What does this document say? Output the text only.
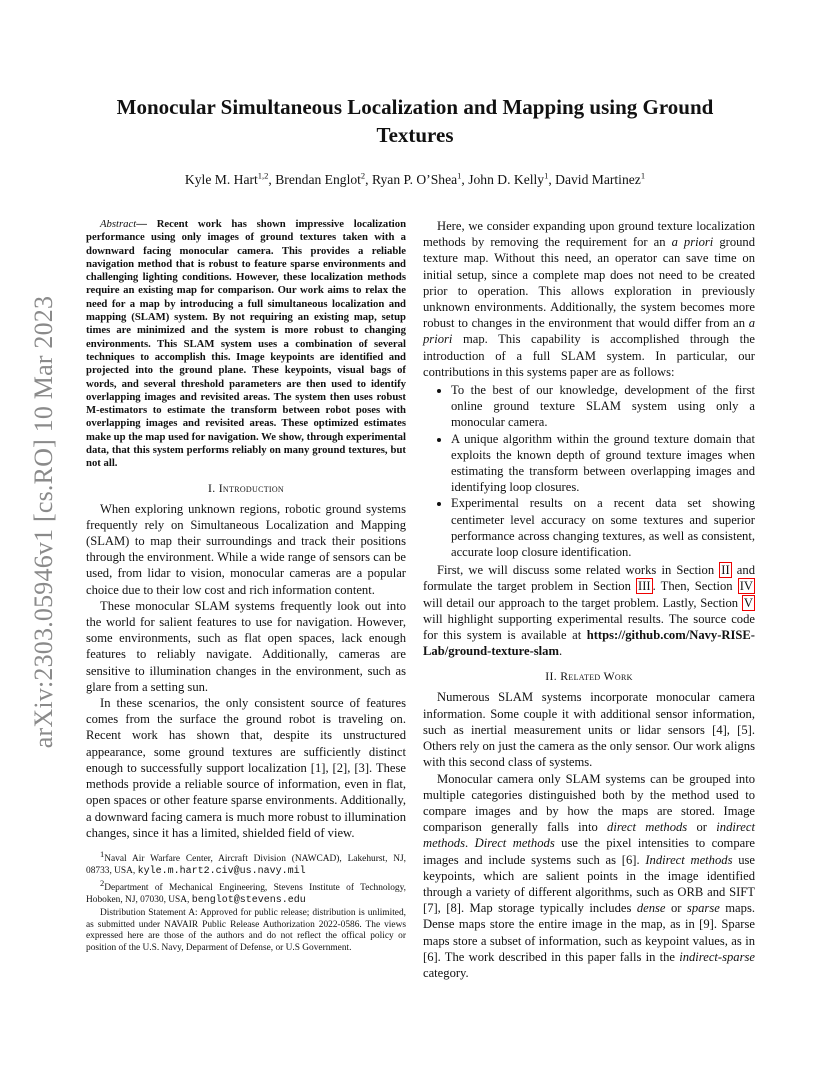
arXiv:2303.05946v1 [cs.RO] 10 Mar 2023
Monocular Simultaneous Localization and Mapping using Ground Textures
Kyle M. Hart$^{1,2}$, Brendan Englot$^2$, Ryan P. O’Shea$^1$, John D. Kelly$^1$, David Martinez$^1$

Abstract— Recent work has shown impressive localization performance using only images of ground textures taken with a downward facing monocular camera. This provides a reliable navigation method that is robust to feature sparse environments and challenging lighting conditions. However, these localization methods require an existing map for comparison. Our work aims to relax the need for a map by introducing a full simultaneous localization and mapping (SLAM) system. By not requiring an existing map, setup times are minimized and the system is more robust to changing environments. This SLAM system uses a combination of several techniques to accomplish this. Image keypoints are identified and projected into the ground plane. These keypoints, visual bags of words, and several threshold parameters are then used to identify overlapping images and revisited areas. The system then uses robust M-estimators to estimate the transform between robot poses with overlapping images and revisited areas. These optimized estimates make up the map used for navigation. We show, through experimental data, that this system performs reliably on many ground textures, but not all.

I. Introduction

When exploring unknown regions, robotic ground systems frequently rely on Simultaneous Localization and Mapping (SLAM) to map their surroundings and track their positions through the environment. While a wide range of sensors can be used, from lidar to vision, monocular cameras are a popular choice due to their low cost and rich information content.

These monocular SLAM systems frequently look out into the world for salient features to use for navigation. However, some environments, such as flat open spaces, lack enough features to reliably navigate. Additionally, cameras are sensitive to illumination changes in the environment, such as glare from a setting sun.

In these scenarios, the only consistent source of features comes from the surface the ground robot is traveling on. Recent work has shown that, despite its unstructured appearance, some ground textures are sufficiently distinct enough to successfully support localization [1], [2], [3]. These methods provide a reliable source of information, even in flat, open spaces or other feature sparse environments. Additionally, a downward facing camera is much more robust to illumination changes, since it has a limited, shielded field of view.

$^1$Naval Air Warfare Center, Aircraft Division (NAWCAD), Lakehurst, NJ, 08733, USA, kyle.m.hart2.civ@us.navy.mil

$^2$Department of Mechanical Engineering, Stevens Institute of Technology, Hoboken, NJ, 07030, USA, benglot@stevens.edu

Distribution Statement A: Approved for public release; distribution is unlimited, as submitted under NAVAIR Public Release Authorization 2022-0586. The views expressed here are those of the authors and do not reflect the offical policy or position of the U.S. Navy, Deparment of Defense, or U.S Government.

Here, we consider expanding upon ground texture localization methods by removing the requirement for an a priori ground texture map. Without this need, an operator can save time on initial setup, since a complete map does not need to be created prior to operation. This allows exploration in previously unknown environments. Additionally, the system becomes more robust to changes in the environment that would differ from an a priori map. This capability is accomplished through the introduction of a full SLAM system. In particular, our contributions in this systems paper are as follows:

• To the best of our knowledge, development of the first online ground texture SLAM system using only a monocular camera.
• A unique algorithm within the ground texture domain that exploits the known depth of ground texture images when estimating the transform between overlapping images and identifying loop closures.
• Experimental results on a recent data set showing centimeter level accuracy on some textures and superior performance across changing textures, as well as consistent, accurate loop closure identification.

First, we will discuss some related works in Section II and formulate the target problem in Section III . Then, Section IV will detail our approach to the target problem. Lastly, Section V will highlight supporting experimental results. The source code for this system is available at https://github.com/Navy-RISE-Lab/ground-texture-slam.

II. Related Work

Numerous SLAM systems incorporate monocular camera information. Some couple it with additional sensor information, such as inertial measurement units or lidar sensors [4], [5]. Others rely on just the camera as the only sensor. Our work aligns with this second class of systems.

Monocular camera only SLAM systems can be grouped into multiple categories distinguished both by the method used to compare images and by how the maps are stored. Image comparison generally falls into direct methods or indirect methods. Direct methods use the pixel intensities to compare images and include systems such as [6]. Indirect methods use keypoints, which are salient points in the image identified through a variety of different algorithms, such as ORB and SIFT [7], [8]. Map storage typically includes dense or sparse maps. Dense maps store the entire image in the map, as in [9]. Sparse maps store a subset of information, such as keypoint values, as in [6]. The work described in this paper falls in the indirect-sparse category.
